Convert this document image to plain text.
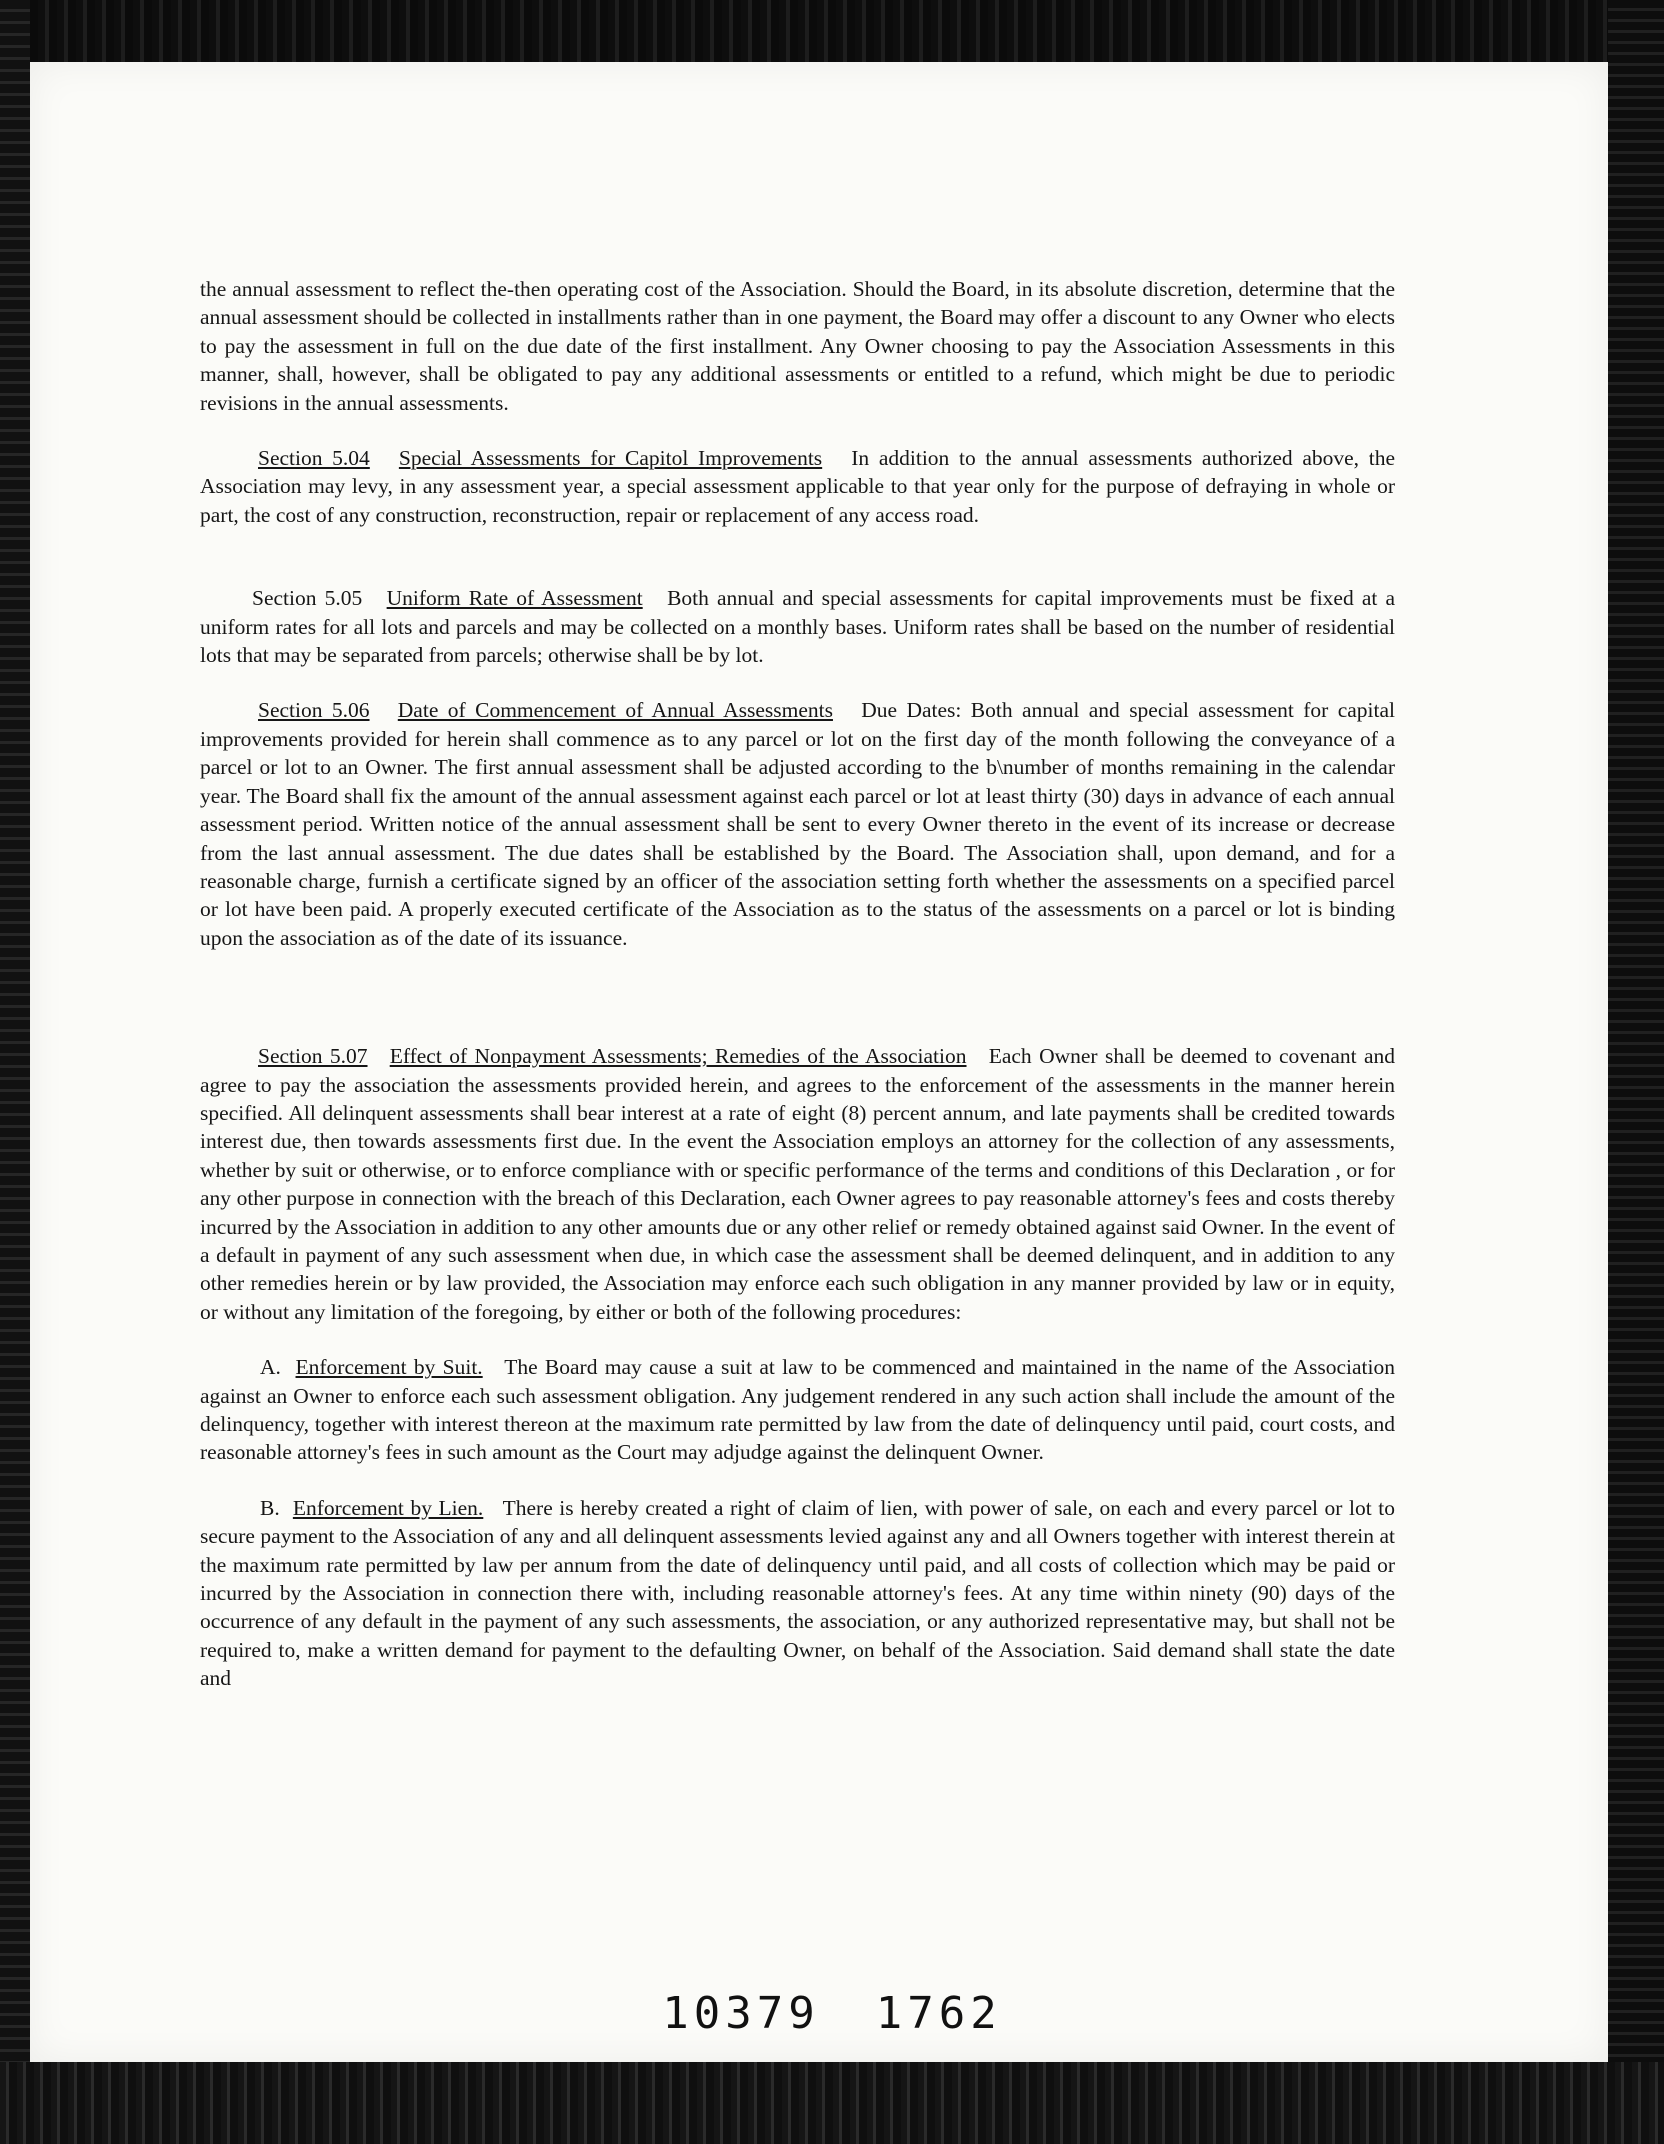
the annual assessment to reflect the-then operating cost of the Association. Should the Board, in its absolute discretion, determine that the annual assessment should be collected in installments rather than in one payment, the Board may offer a discount to any Owner who elects to pay the assessment in full on the due date of the first installment. Any Owner choosing to pay the Association Assessments in this manner, shall, however, shall be obligated to pay any additional assessments or entitled to a refund, which might be due to periodic revisions in the annual assessments.

Section 5.04 Special Assessments for Capitol Improvements In addition to the annual assessments authorized above, the Association may levy, in any assessment year, a special assessment applicable to that year only for the purpose of defraying in whole or part, the cost of any construction, reconstruction, repair or replacement of any access road.

Section 5.05 Uniform Rate of Assessment Both annual and special assessments for capital improvements must be fixed at a uniform rates for all lots and parcels and may be collected on a monthly bases. Uniform rates shall be based on the number of residential lots that may be separated from parcels; otherwise shall be by lot.

Section 5.06 Date of Commencement of Annual Assessments Due Dates: Both annual and special assessment for capital improvements provided for herein shall commence as to any parcel or lot on the first day of the month following the conveyance of a parcel or lot to an Owner. The first annual assessment shall be adjusted according to the b\number of months remaining in the calendar year. The Board shall fix the amount of the annual assessment against each parcel or lot at least thirty (30) days in advance of each annual assessment period. Written notice of the annual assessment shall be sent to every Owner thereto in the event of its increase or decrease from the last annual assessment. The due dates shall be established by the Board. The Association shall, upon demand, and for a reasonable charge, furnish a certificate signed by an officer of the association setting forth whether the assessments on a specified parcel or lot have been paid. A properly executed certificate of the Association as to the status of the assessments on a parcel or lot is binding upon the association as of the date of its issuance.

Section 5.07 Effect of Nonpayment Assessments; Remedies of the Association Each Owner shall be deemed to covenant and agree to pay the association the assessments provided herein, and agrees to the enforcement of the assessments in the manner herein specified. All delinquent assessments shall bear interest at a rate of eight (8) percent annum, and late payments shall be credited towards interest due, then towards assessments first due. In the event the Association employs an attorney for the collection of any assessments, whether by suit or otherwise, or to enforce compliance with or specific performance of the terms and conditions of this Declaration , or for any other purpose in connection with the breach of this Declaration, each Owner agrees to pay reasonable attorney's fees and costs thereby incurred by the Association in addition to any other amounts due or any other relief or remedy obtained against said Owner. In the event of a default in payment of any such assessment when due, in which case the assessment shall be deemed delinquent, and in addition to any other remedies herein or by law provided, the Association may enforce each such obligation in any manner provided by law or in equity, or without any limitation of the foregoing, by either or both of the following procedures:

A. Enforcement by Suit. The Board may cause a suit at law to be commenced and maintained in the name of the Association against an Owner to enforce each such assessment obligation. Any judgement rendered in any such action shall include the amount of the delinquency, together with interest thereon at the maximum rate permitted by law from the date of delinquency until paid, court costs, and reasonable attorney's fees in such amount as the Court may adjudge against the delinquent Owner.

B. Enforcement by Lien. There is hereby created a right of claim of lien, with power of sale, on each and every parcel or lot to secure payment to the Association of any and all delinquent assessments levied against any and all Owners together with interest therein at the maximum rate permitted by law per annum from the date of delinquency until paid, and all costs of collection which may be paid or incurred by the Association in connection there with, including reasonable attorney's fees. At any time within ninety (90) days of the occurrence of any default in the payment of any such assessments, the association, or any authorized representative may, but shall not be required to, make a written demand for payment to the defaulting Owner, on behalf of the Association. Said demand shall state the date and

10379 1762
